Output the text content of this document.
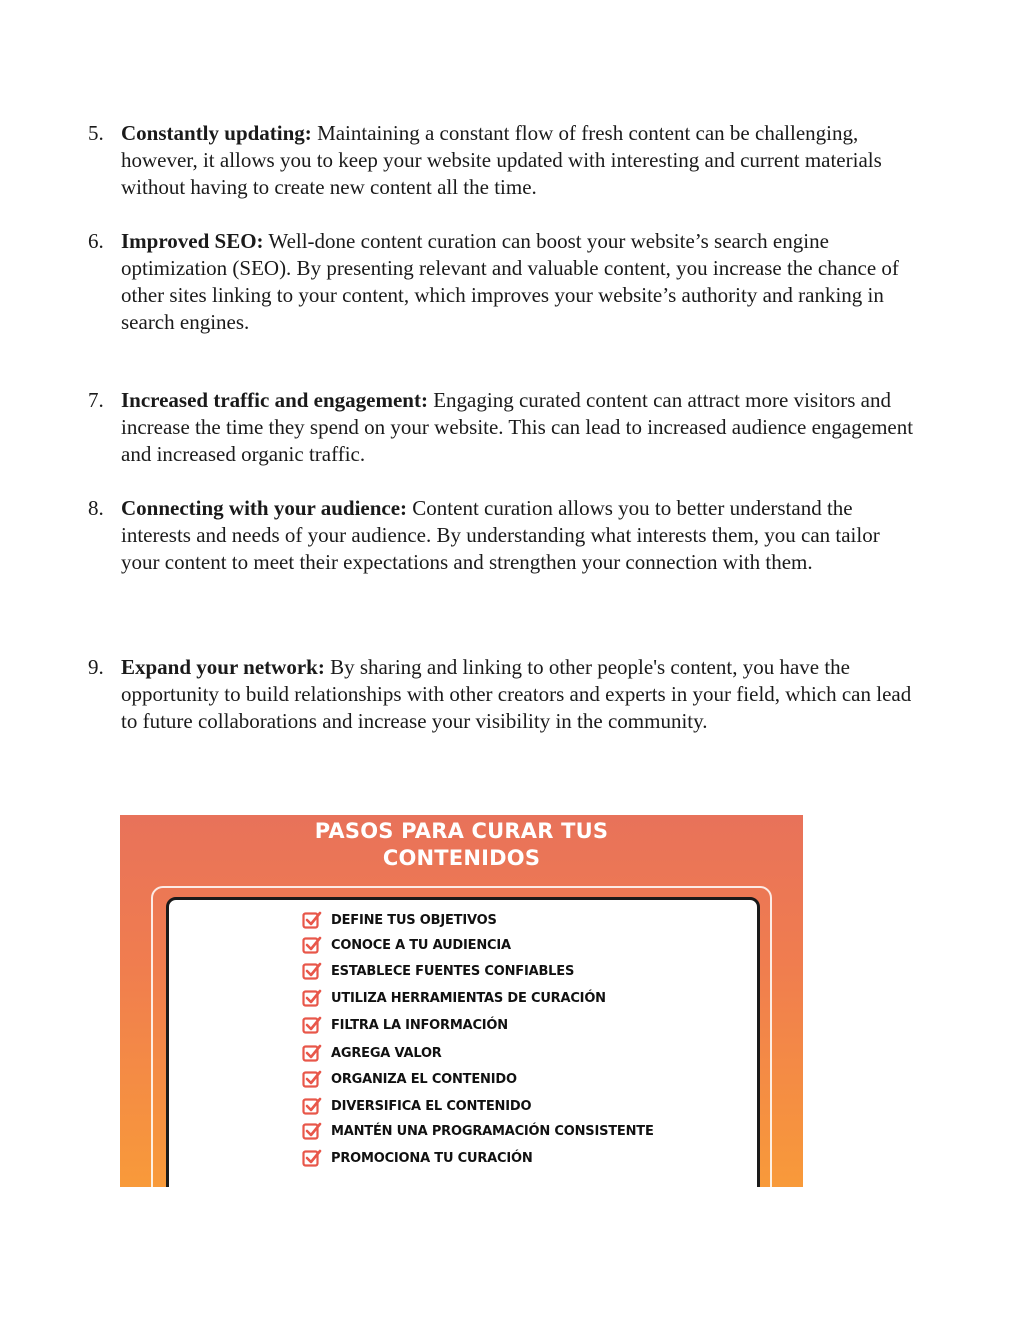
5. Constantly updating: Maintaining a constant flow of fresh content can be challenging, however, it allows you to keep your website updated with interesting and current materials without having to create new content all the time.
6. Improved SEO: Well-done content curation can boost your website’s search engine optimization (SEO). By presenting relevant and valuable content, you increase the chance of other sites linking to your content, which improves your website’s authority and ranking in search engines.
7. Increased traffic and engagement: Engaging curated content can attract more visitors and increase the time they spend on your website. This can lead to increased audience engagement and increased organic traffic.
8. Connecting with your audience: Content curation allows you to better understand the interests and needs of your audience. By understanding what interests them, you can tailor your content to meet their expectations and strengthen your connection with them.
9. Expand your network: By sharing and linking to other people's content, you have the opportunity to build relationships with other creators and experts in your field, which can lead to future collaborations and increase your visibility in the community.
PASOS PARA CURAR TUS
CONTENIDOS
DEFINE TUS OBJETIVOS
CONOCE A TU AUDIENCIA
ESTABLECE FUENTES CONFIABLES
UTILIZA HERRAMIENTAS DE CURACIÓN
FILTRA LA INFORMACIÓN
AGREGA VALOR
ORGANIZA EL CONTENIDO
DIVERSIFICA EL CONTENIDO
MANTÉN UNA PROGRAMACIÓN CONSISTENTE
PROMOCIONA TU CURACIÓN
